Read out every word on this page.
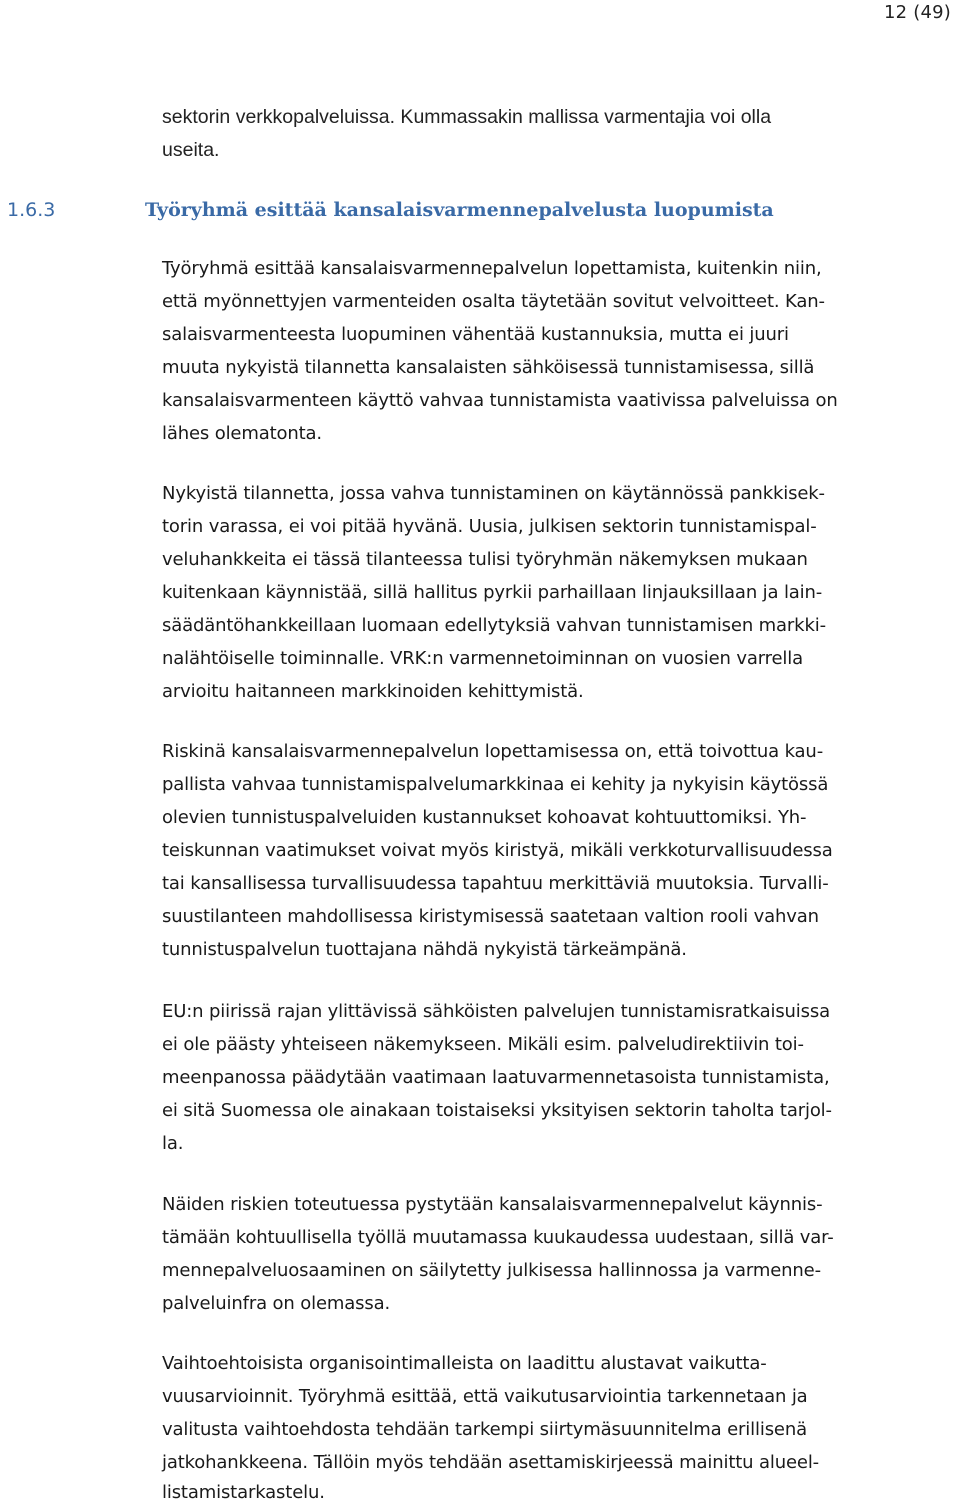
12 (49)

sektorin verkkopalveluissa. Kummassakin mallissa varmentajia voi olla

useita.

1.6.3	Työryhmä esittää kansalaisvarmennepalvelusta luopumista

Työryhmä esittää kansalaisvarmennepalvelun lopettamista, kuitenkin niin,

että myönnettyjen varmenteiden osalta täytetään sovitut velvoitteet. Kan-

salaisvarmenteesta luopuminen vähentää kustannuksia, mutta ei juuri

muuta nykyistä tilannetta kansalaisten sähköisessä tunnistamisessa, sillä

kansalaisvarmenteen käyttö vahvaa tunnistamista vaativissa palveluissa on

lähes olematonta.

Nykyistä tilannetta, jossa vahva tunnistaminen on käytännössä pankkisek-

torin varassa, ei voi pitää hyvänä. Uusia, julkisen sektorin tunnistamispal-

veluhankkeita ei tässä tilanteessa tulisi työryhmän näkemyksen mukaan

kuitenkaan käynnistää, sillä hallitus pyrkii parhaillaan linjauksillaan ja lain-

säädäntöhankkeillaan luomaan edellytyksiä vahvan tunnistamisen markki-

nalähtöiselle toiminnalle. VRK:n varmennetoiminnan on vuosien varrella

arvioitu haitanneen markkinoiden kehittymistä.

Riskinä kansalaisvarmennepalvelun lopettamisessa on, että toivottua kau-

pallista vahvaa tunnistamispalvelumarkkinaa ei kehity ja nykyisin käytössä

olevien tunnistuspalveluiden kustannukset kohoavat kohtuuttomiksi. Yh-

teiskunnan vaatimukset voivat myös kiristyä, mikäli verkkoturvallisuudessa

tai kansallisessa turvallisuudessa tapahtuu merkittäviä muutoksia. Turvalli-

suustilanteen mahdollisessa kiristymisessä saatetaan valtion rooli vahvan

tunnistuspalvelun tuottajana nähdä nykyistä tärkeämpänä.

EU:n piirissä rajan ylittävissä sähköisten palvelujen tunnistamisratkaisuissa

ei ole päästy yhteiseen näkemykseen. Mikäli esim. palveludirektiivin toi-

meenpanossa päädytään vaatimaan laatuvarmennetasoista tunnistamista,

ei sitä Suomessa ole ainakaan toistaiseksi yksityisen sektorin taholta tarjol-

la.

Näiden riskien toteutuessa pystytään kansalaisvarmennepalvelut käynnis-

tämään kohtuullisella työllä muutamassa kuukaudessa uudestaan, sillä var-

mennepalveluosaaminen on säilytetty julkisessa hallinnossa ja varmenne-

palveluinfra on olemassa.

Vaihtoehtoisista organisointimalleista on laadittu alustavat vaikutta-

vuusarvioinnit. Työryhmä esittää, että vaikutusarviointia tarkennetaan ja

valitusta vaihtoehdosta tehdään tarkempi siirtymäsuunnitelma erillisenä

jatkohankkeena. Tällöin myös tehdään asettamiskirjeessä mainittu alueel-

listamistarkastelu.
